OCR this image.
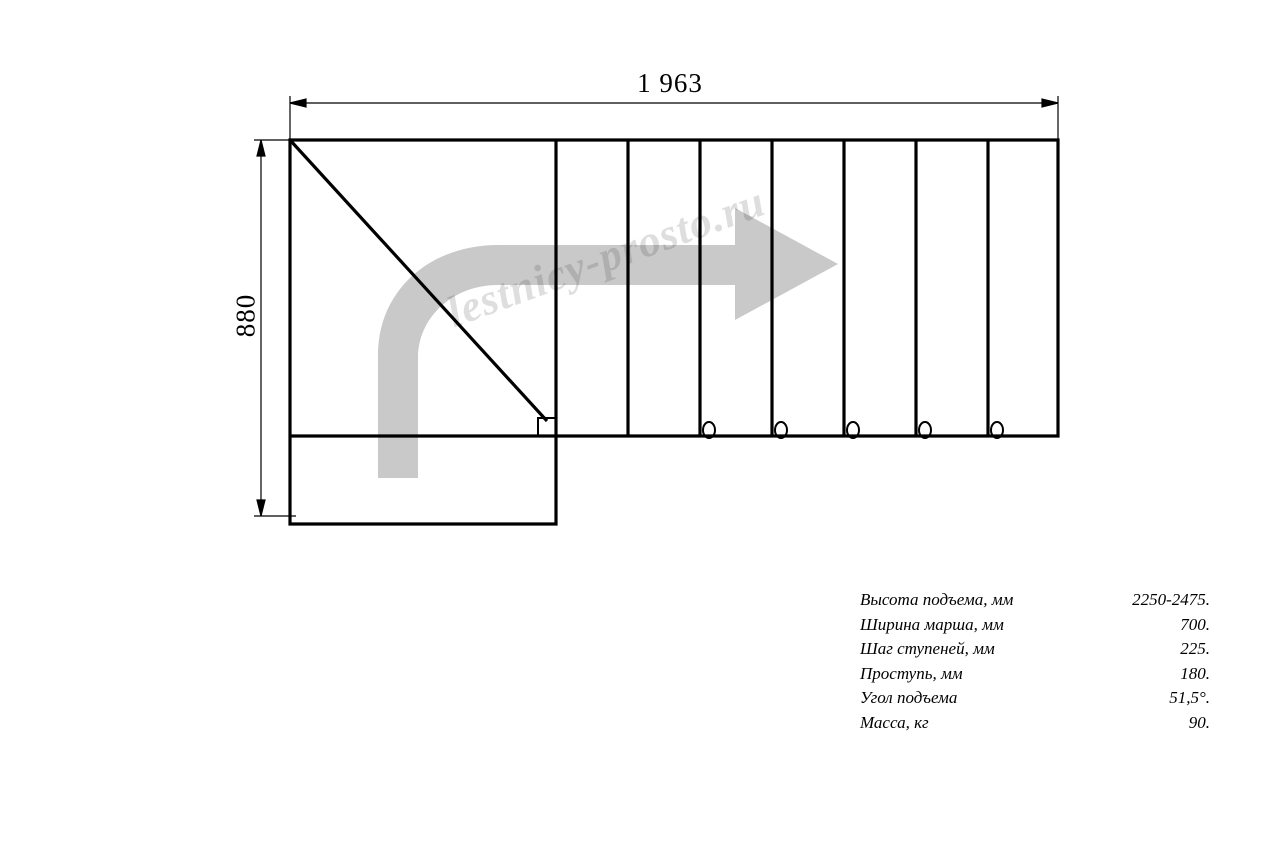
1 963
880	lestnicy-prosto.ru
Высота подъема, мм	2250-2475.
Ширина марша, мм	700.
Шаг ступеней, мм	225.
Проступь, мм	180.
Угол подъема	51,5°.
Масса, кг	90.
